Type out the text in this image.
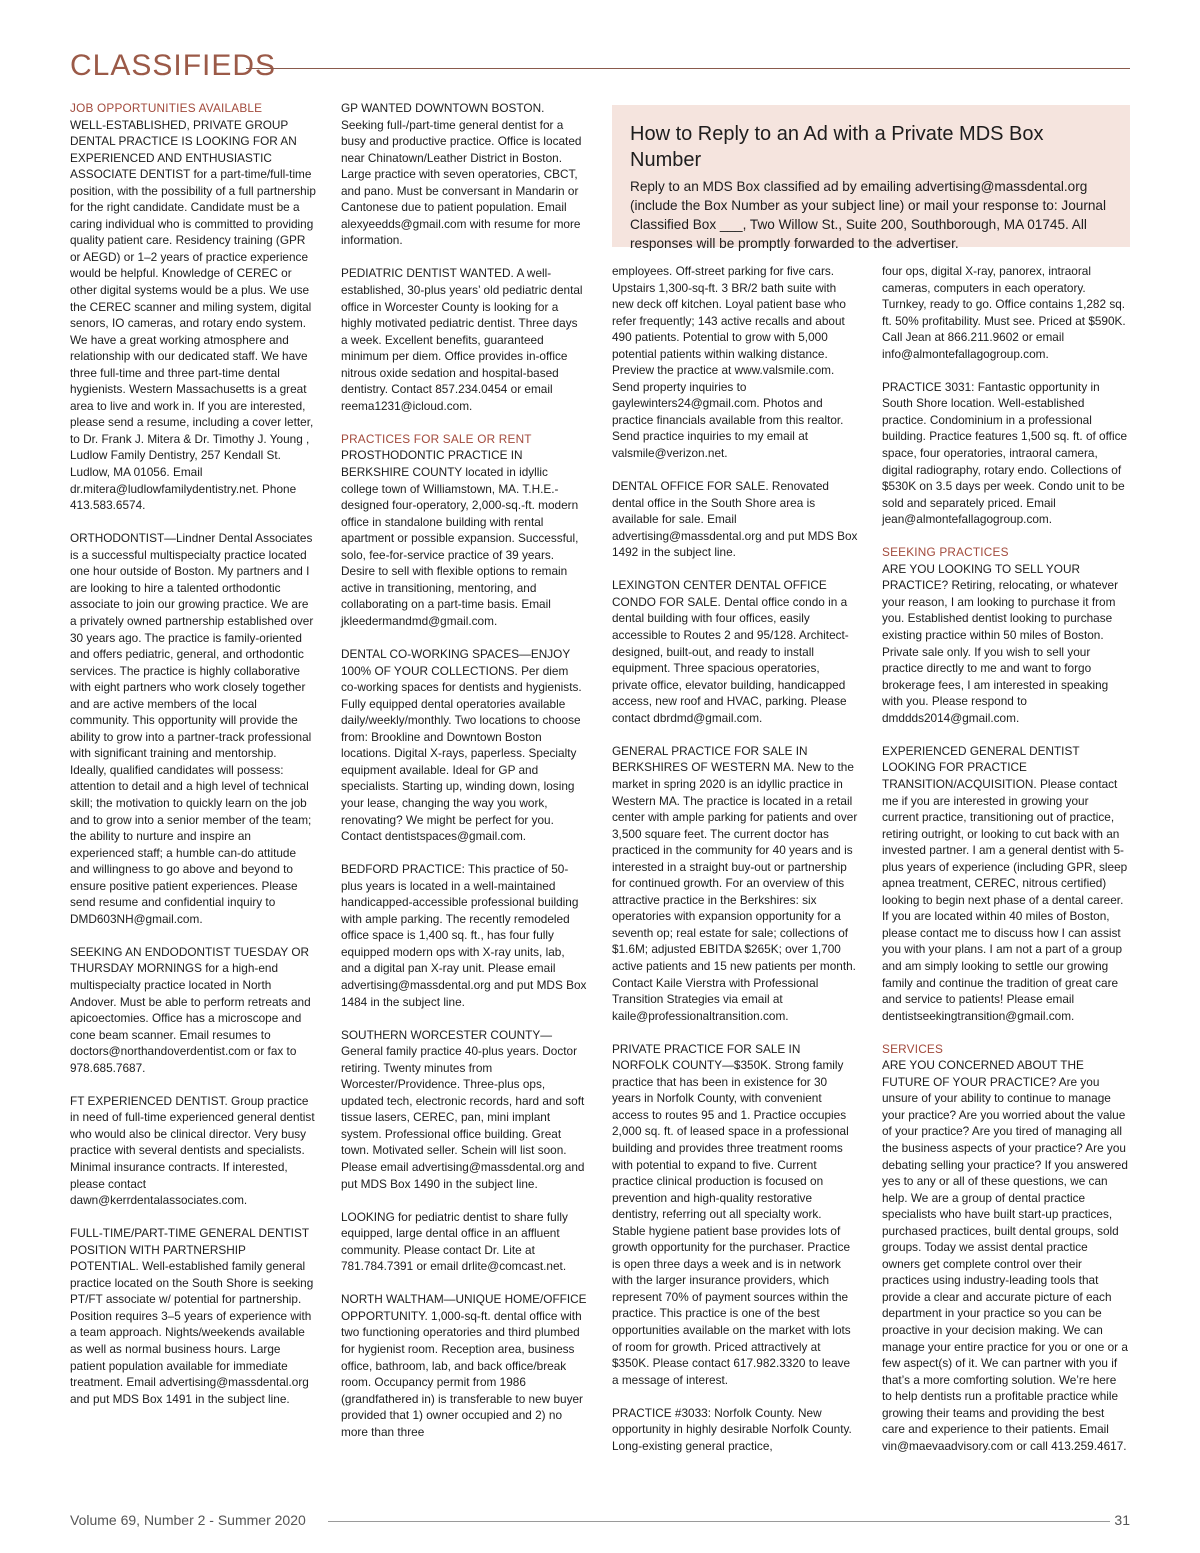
CLASSIFIEDS

How to Reply to an Ad with a Private MDS Box Number

Reply to an MDS Box classified ad by emailing advertising@massdental.org (include the Box Number as your subject line) or mail your response to: Journal Classified Box ___, Two Willow St., Suite 200, Southborough, MA 01745. All responses will be promptly forwarded to the advertiser.

JOB OPPORTUNITIES AVAILABLE

WELL-ESTABLISHED, PRIVATE GROUP DENTAL PRACTICE IS LOOKING FOR AN EXPERIENCED AND ENTHUSIASTIC ASSOCIATE DENTIST for a part-time/full-time position, with the possibility of a full partnership for the right candidate. Candidate must be a caring individual who is committed to providing quality patient care. Residency training (GPR or AEGD) or 1–2 years of practice experience would be helpful. Knowledge of CEREC or other digital systems would be a plus. We use the CEREC scanner and miling system, digital senors, IO cameras, and rotary endo system. We have a great working atmosphere and relationship with our dedicated staff. We have three full-time and three part-time dental hygienists. Western Massachusetts is a great area to live and work in. If you are interested, please send a resume, including a cover letter, to Dr. Frank J. Mitera & Dr. Timothy J. Young , Ludlow Family Dentistry, 257 Kendall St. Ludlow, MA 01056. Email dr.mitera@ludlowfamilydentistry.net. Phone 413.583.6574.

ORTHODONTIST—Lindner Dental Associates is a successful multispecialty practice located one hour outside of Boston. My partners and I are looking to hire a talented orthodontic associate to join our growing practice. We are a privately owned partnership established over 30 years ago. The practice is family-oriented and offers pediatric, general, and orthodontic services. The practice is highly collaborative with eight partners who work closely together and are active members of the local community. This opportunity will provide the ability to grow into a partner-track professional with significant training and mentorship. Ideally, qualified candidates will possess: attention to detail and a high level of technical skill; the motivation to quickly learn on the job and to grow into a senior member of the team; the ability to nurture and inspire an experienced staff; a humble can-do attitude and willingness to go above and beyond to ensure positive patient experiences. Please send resume and confidential inquiry to DMD603NH@gmail.com.

SEEKING AN ENDODONTIST TUESDAY OR THURSDAY MORNINGS for a high-end multispecialty practice located in North Andover. Must be able to perform retreats and apicoectomies. Office has a microscope and cone beam scanner. Email resumes to doctors@northandoverdentist.com or fax to 978.685.7687.

FT EXPERIENCED DENTIST. Group practice in need of full-time experienced general dentist who would also be clinical director. Very busy practice with several dentists and specialists. Minimal insurance contracts. If interested, please contact dawn@kerrdentalassociates.com.

FULL-TIME/PART-TIME GENERAL DENTIST POSITION WITH PARTNERSHIP POTENTIAL. Well-established family general practice located on the South Shore is seeking PT/FT associate w/ potential for partnership. Position requires 3–5 years of experience with a team approach. Nights/weekends available as well as normal business hours. Large patient population available for immediate treatment. Email advertising@massdental.org and put MDS Box 1491 in the subject line.

GP WANTED DOWNTOWN BOSTON. Seeking full-/part-time general dentist for a busy and productive practice. Office is located near Chinatown/Leather District in Boston. Large practice with seven operatories, CBCT, and pano. Must be conversant in Mandarin or Cantonese due to patient population. Email alexyeedds@gmail.com with resume for more information.

PEDIATRIC DENTIST WANTED. A well-established, 30-plus years’ old pediatric dental office in Worcester County is looking for a highly motivated pediatric dentist. Three days a week. Excellent benefits, guaranteed minimum per diem. Office provides in-office nitrous oxide sedation and hospital-based dentistry. Contact 857.234.0454 or email reema1231@icloud.com.

PRACTICES FOR SALE OR RENT

PROSTHODONTIC PRACTICE IN BERKSHIRE COUNTY located in idyllic college town of Williamstown, MA. T.H.E.-designed four-operatory, 2,000-sq.-ft. modern office in standalone building with rental apartment or possible expansion. Successful, solo, fee-for-service practice of 39 years. Desire to sell with flexible options to remain active in transitioning, mentoring, and collaborating on a part-time basis. Email jkleedermandmd@gmail.com.

DENTAL CO-WORKING SPACES—ENJOY 100% OF YOUR COLLECTIONS. Per diem co-working spaces for dentists and hygienists. Fully equipped dental operatories available daily/weekly/monthly. Two locations to choose from: Brookline and Downtown Boston locations. Digital X-rays, paperless. Specialty equipment available. Ideal for GP and specialists. Starting up, winding down, losing your lease, changing the way you work, renovating? We might be perfect for you. Contact dentistspaces@gmail.com.

BEDFORD PRACTICE: This practice of 50-plus years is located in a well-maintained handicapped-accessible professional building with ample parking. The recently remodeled office space is 1,400 sq. ft., has four fully equipped modern ops with X-ray units, lab, and a digital pan X-ray unit. Please email advertising@massdental.org and put MDS Box 1484 in the subject line.

SOUTHERN WORCESTER COUNTY—General family practice 40-plus years. Doctor retiring. Twenty minutes from Worcester/Providence. Three-plus ops, updated tech, electronic records, hard and soft tissue lasers, CEREC, pan, mini implant system. Professional office building. Great town. Motivated seller. Schein will list soon. Please email advertising@massdental.org and put MDS Box 1490 in the subject line.

LOOKING for pediatric dentist to share fully equipped, large dental office in an affluent community. Please contact Dr. Lite at 781.784.7391 or email drlite@comcast.net.

NORTH WALTHAM—UNIQUE HOME/OFFICE OPPORTUNITY. 1,000-sq-ft. dental office with two functioning operatories and third plumbed for hygienist room. Reception area, business office, bathroom, lab, and back office/break room. Occupancy permit from 1986 (grandfathered in) is transferable to new buyer provided that 1) owner occupied and 2) no more than three

employees. Off-street parking for five cars. Upstairs 1,300-sq-ft. 3 BR/2 bath suite with new deck off kitchen. Loyal patient base who refer frequently; 143 active recalls and about 490 patients. Potential to grow with 5,000 potential patients within walking distance. Preview the practice at www.valsmile.com. Send property inquiries to gaylewinters24@gmail.com. Photos and practice financials available from this realtor. Send practice inquiries to my email at valsmile@verizon.net.

DENTAL OFFICE FOR SALE. Renovated dental office in the South Shore area is available for sale. Email advertising@massdental.org and put MDS Box 1492 in the subject line.

LEXINGTON CENTER DENTAL OFFICE CONDO FOR SALE. Dental office condo in a dental building with four offices, easily accessible to Routes 2 and 95/128. Architect-designed, built-out, and ready to install equipment. Three spacious operatories, private office, elevator building, handicapped access, new roof and HVAC, parking. Please contact dbrdmd@gmail.com.

GENERAL PRACTICE FOR SALE IN BERKSHIRES OF WESTERN MA. New to the market in spring 2020 is an idyllic practice in Western MA. The practice is located in a retail center with ample parking for patients and over 3,500 square feet. The current doctor has practiced in the community for 40 years and is interested in a straight buy-out or partnership for continued growth. For an overview of this attractive practice in the Berkshires: six operatories with expansion opportunity for a seventh op; real estate for sale; collections of $1.6M; adjusted EBITDA $265K; over 1,700 active patients and 15 new patients per month. Contact Kaile Vierstra with Professional Transition Strategies via email at kaile@professionaltransition.com.

PRIVATE PRACTICE FOR SALE IN NORFOLK COUNTY—$350K. Strong family practice that has been in existence for 30 years in Norfolk County, with convenient access to routes 95 and 1. Practice occupies 2,000 sq. ft. of leased space in a professional building and provides three treatment rooms with potential to expand to five. Current practice clinical production is focused on prevention and high-quality restorative dentistry, referring out all specialty work. Stable hygiene patient base provides lots of growth opportunity for the purchaser. Practice is open three days a week and is in network with the larger insurance providers, which represent 70% of payment sources within the practice. This practice is one of the best opportunities available on the market with lots of room for growth. Priced attractively at $350K. Please contact 617.982.3320 to leave a message of interest.

PRACTICE #3033: Norfolk County. New opportunity in highly desirable Norfolk County. Long-existing general practice,

four ops, digital X-ray, panorex, intraoral cameras, computers in each operatory. Turnkey, ready to go. Office contains 1,282 sq. ft. 50% profitability. Must see. Priced at $590K. Call Jean at 866.211.9602 or email info@almontefallagogroup.com.

PRACTICE 3031: Fantastic opportunity in South Shore location. Well-established practice. Condominium in a professional building. Practice features 1,500 sq. ft. of office space, four operatories, intraoral camera, digital radiography, rotary endo. Collections of $530K on 3.5 days per week. Condo unit to be sold and separately priced. Email jean@almontefallagogroup.com.

SEEKING PRACTICES

ARE YOU LOOKING TO SELL YOUR PRACTICE? Retiring, relocating, or whatever your reason, I am looking to purchase it from you. Established dentist looking to purchase existing practice within 50 miles of Boston. Private sale only. If you wish to sell your practice directly to me and want to forgo brokerage fees, I am interested in speaking with you. Please respond to dmddds2014@gmail.com.

EXPERIENCED GENERAL DENTIST LOOKING FOR PRACTICE TRANSITION/ACQUISITION. Please contact me if you are interested in growing your current practice, transitioning out of practice, retiring outright, or looking to cut back with an invested partner. I am a general dentist with 5-plus years of experience (including GPR, sleep apnea treatment, CEREC, nitrous certified) looking to begin next phase of a dental career. If you are located within 40 miles of Boston, please contact me to discuss how I can assist you with your plans. I am not a part of a group and am simply looking to settle our growing family and continue the tradition of great care and service to patients! Please email dentistseekingtransition@gmail.com.

SERVICES

ARE YOU CONCERNED ABOUT THE FUTURE OF YOUR PRACTICE? Are you unsure of your ability to continue to manage your practice? Are you worried about the value of your practice? Are you tired of managing all the business aspects of your practice? Are you debating selling your practice? If you answered yes to any or all of these questions, we can help. We are a group of dental practice specialists who have built start-up practices, purchased practices, built dental groups, sold groups. Today we assist dental practice owners get complete control over their practices using industry-leading tools that provide a clear and accurate picture of each department in your practice so you can be proactive in your decision making. We can manage your entire practice for you or one or a few aspect(s) of it. We can partner with you if that’s a more comforting solution. We’re here to help dentists run a profitable practice while growing their teams and providing the best care and experience to their patients. Email vin@maevaadvisory.com or call 413.259.4617.

Volume 69, Number 2 - Summer 2020	31
